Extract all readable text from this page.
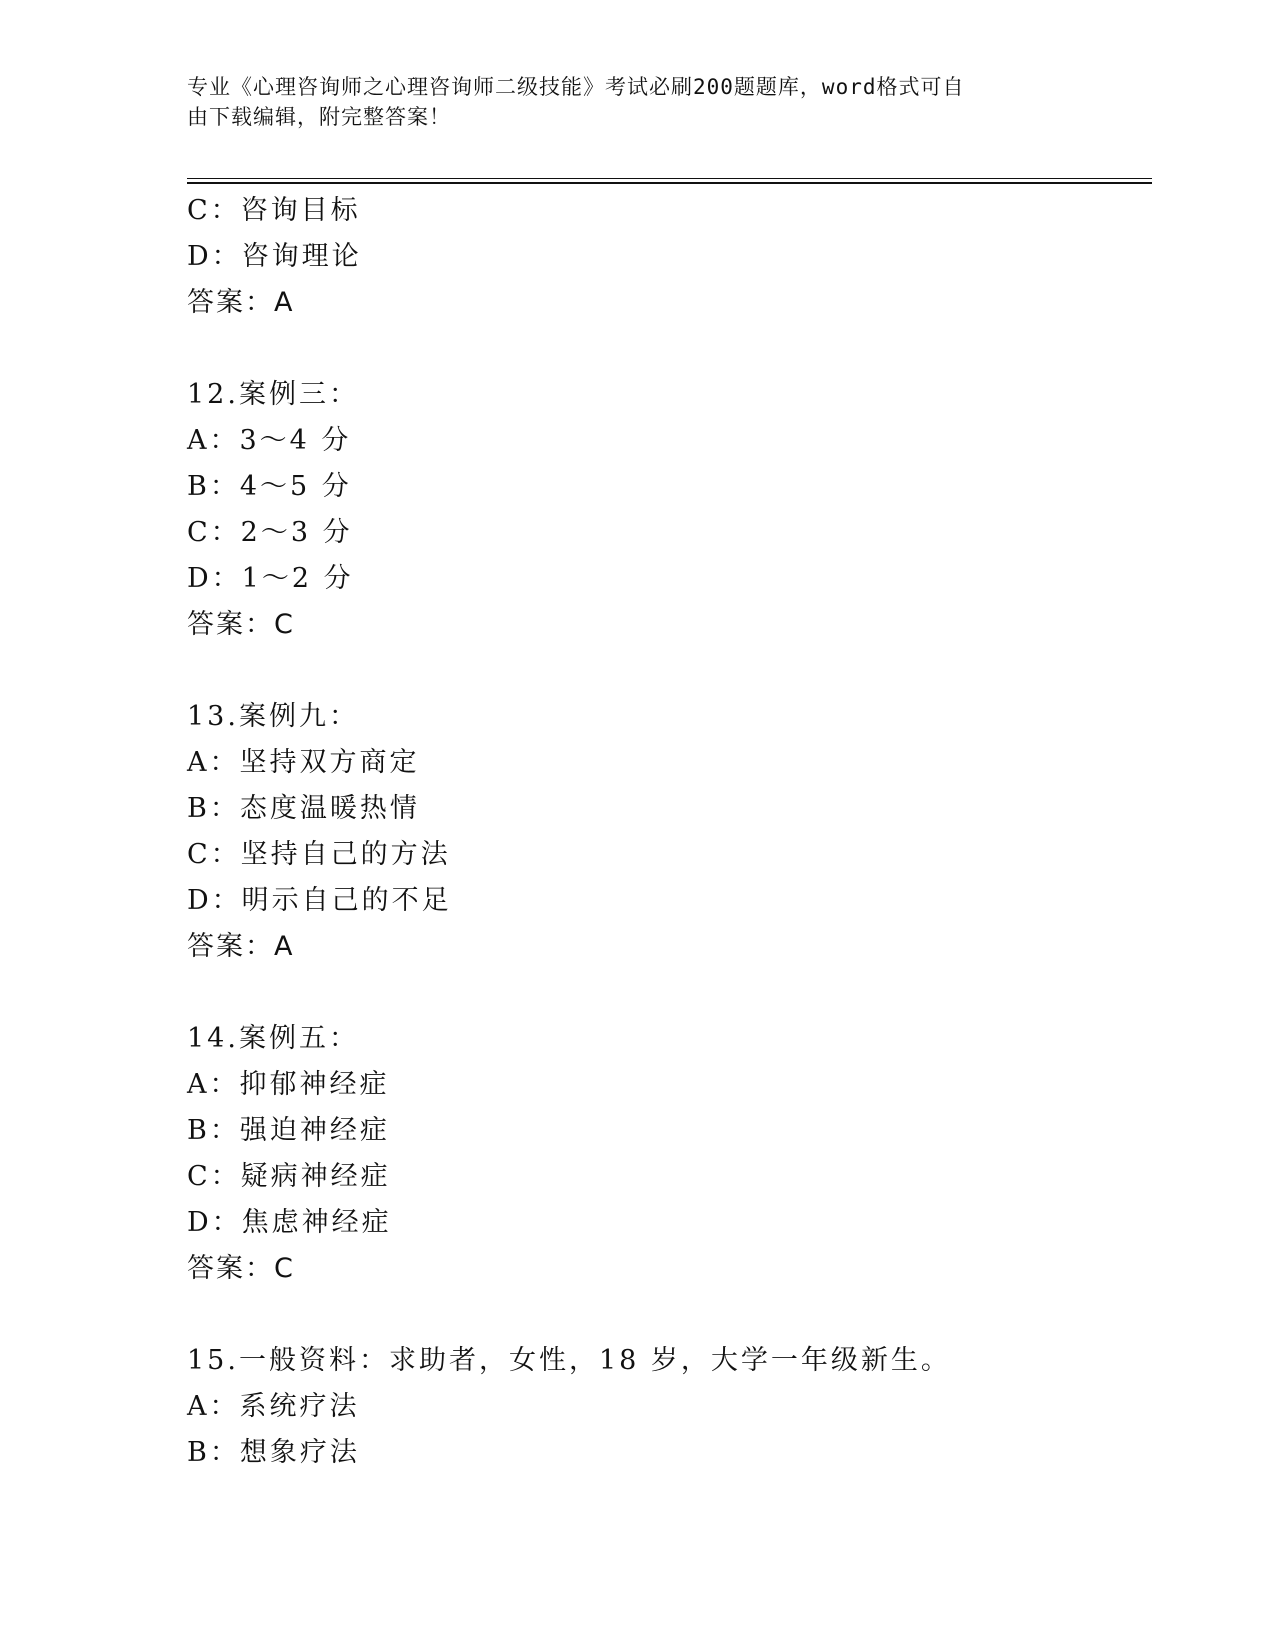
专业《心理咨询师之心理咨询师二级技能》考试必刷200题题库，word格式可自
由下载编辑，附完整答案！
C：咨询目标
D：咨询理论
答案：A
12.案例三：
A：3～4 分
B：4～5 分
C：2～3 分
D：1～2 分
答案：C
13.案例九：
A：坚持双方商定
B：态度温暖热情
C：坚持自己的方法
D：明示自己的不足
答案：A
14.案例五：
A：抑郁神经症
B：强迫神经症
C：疑病神经症
D：焦虑神经症
答案：C
15.一般资料：求助者，女性，18 岁，大学一年级新生。
A：系统疗法
B：想象疗法
